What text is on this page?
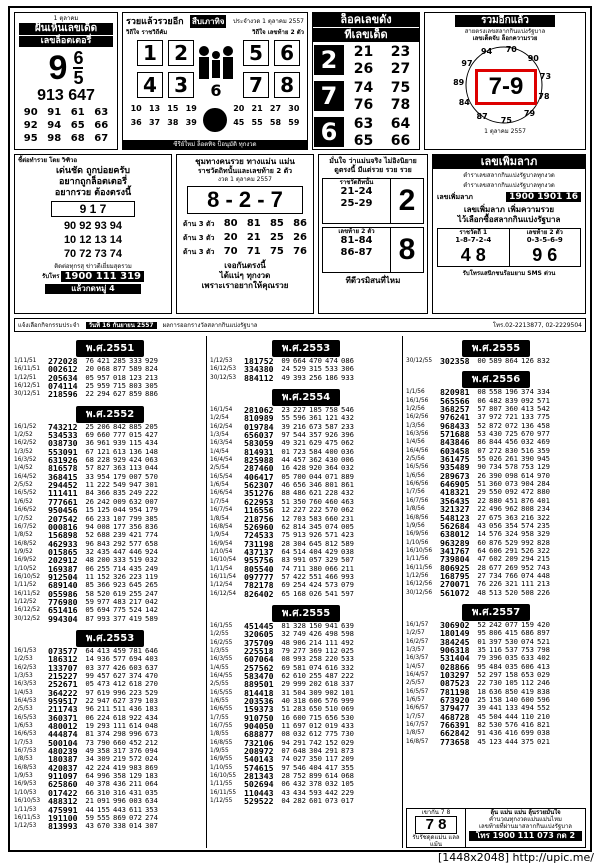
1 ตุลาคม
ฝันเห็นเลขเด็ด
เลขล็อตเตอรี่
9 6
5
913 647
90 91 61 63
92 94 65 66
95 98 68 67
รวยแล้วรวยอีก สืบเภาทิจ	ประจำงวด 1 ตุลาคม 2557
วิถีใจ ราชวิถีคัม	วิถีใจ เลขท้าย 2 ตัว
1 2
4 3	6
5 6
7 8
10 13 15 19
36 37 38 39
20 21 27 30
45 55 58 59
ซีรีย์ใหม่ ล็อตทิจ ป็อนุมัติ ทุกงวด
ล็อคเลขดัง
ทีเลขเด็ด
2	21	23
26	27
7	74	75
76	78
6	63	64
65	66
รวมอีกแล้ว
สายตรงเลขสลากกินแบ่งรัฐบาล
เลขเด็ดจับ ล็อกความรวย
70
90
73
78
79
75
87
84
89
97
94
7-9
1 ตุลาคม 2557
ชี้ต่อทำรวย โดย วิฑิวอ
เด่นชัด ถูกบ่อยครับ
อยากถูกล็อตเตอรี่
อยากรวย ต้องตรงนี้
9 1 7
90 92 93 94
10 12 13 14
70 72 73 74
ติดต่อทุกรสุ ข่าวดีเยี่ยมสุดรวม
รับโทร 1900 111 319
แล้วกดหมู่ 4
ชุมทางคนรวย ทางแม่น แม่น
ราชวัตถิทนั้นและเลขท้าย 2 ตัว
งวด 1 ตุลาคม 2557
8 - 2 - 7
ด้าน 3 ตัว 80 81 85 86
ด้าน 3 ตัว 20 21 25 26
ด้าน 3 ตัว 70 71 75 76
เจอกันตรงนี้
ได้แน่ๆ ทุกงวด
เพราะเราอยากให้คุณรวย
มั่นใจ ว่าแม่นจริง ไม่อิงนิยาย
ดูตรงนี้ มีแต่รวย รวย รวย
ราชวัตถิทนั้น
21-24
25-29 2
เลขท้าย 2 ตัว
81-84
86-87 8
ทีดีวรมิสนที่ไหม
เลขเพิ่มลาภ
ตำราเลขสลากกินแบ่งรัฐบาลทุกงวด
ตำราเลขสลากกินแบ่งรัฐบาลทุกงวด
เลขเพิ่มลาภ	1900 1901 16
เลขเพิ่มลาภ เพิ่มความรวย
ไว้เลือกซื้อสลากกินแบ่งรัฐบาล
ราชวัตถี 1
1-8-7-2-4
4 8
เลขท้าย 2 ตัว
0-3-5-6-9
9 6
รับโทรแสนิกชนร้อมยาม SMS ด่วน
แจ้งเลือกกิจกรรมประจำ	วันที่ 16 กันยายน 2557	ผลการออกรางวัลสลากกินแบ่งรัฐบาล	โทร.02-2213877, 02-2229504
พ.ศ.2551
1/11/51	272028	76 421 285 333 929
16/11/51 002612	20 068 877 589 824
1/12/51	205634	05 957 018 123 213
16/12/51 074114	25 959 715 803 305
30/12/51 218596	22 294 627 859 886
พ.ศ.2552
16/1/52	743212	25 206 842 885 205
1/2/52	534533	69 660 777 015 427
16/2/52	038730	36 961 939 115 434
1/3/52	553091	67 121 613 136 148
16/3/52	631926	68 228 929 424 063
1/4/52	816578	57 827 363 113 044
16/4/52	368415	33 954 179 007 570
2/5/52	294452	11 222 549 947 301
16/5/52	111411	84 366 835 249 222
1/6/52	777661	26 242 009 632 007
16/6/52	950456	15 125 044 954 179
1/7/52	207542	66 233 107 799 385
16/7/52	000816	94 008 177 356 836
1/8/52	156898	52 688 239 421 774
16/8/52	462933	96 843 292 577 658
1/9/52	015865	32 435 447 446 924
16/9/52	202912	48 200 333 519 032
1/10/52	169387	06 255 714 435 249
16/10/52 912504	11 152 326 223 119
1/11/52	689140	85 366 923 645 265
16/11/52 055986	58 520 619 255 247
1/12/52	776980	59 977 483 217 042
16/12/52 651416	05 694 775 524 142
30/12/52 994304	87 993 377 419 589
พ.ศ.2553
16/1/53	073577	64 413 459 781 646
1/2/53	186312	14 936 577 694 403
16/2/53	133707	03 377 426 603 637
1/3/53	215227	99 457 627 374 470
16/3/53	252671	05 473 412 618 270
1/4/53	364222	97 619 996 223 529
16/4/53	959517	22 947 627 379 103
2/5/53	211743	96 211 511 436 183
16/5/53	360371	06 224 618 922 434
1/6/53	480012	19 293 111 614 048
16/6/53	444874	81 374 298 996 673
1/7/53	500104	73 790 660 452 212
16/7/53	480239	49 358 317 376 094
1/8/53	180387	34 309 219 572 024
16/8/53	420837	42 224 419 983 869
1/9/53	911097	64 996 358 129 183
16/9/53	625860	40 378 436 211 064
1/10/53	017422	66 310 316 431 035
16/10/53 488312	21 091 996 003 634
1/11/53	475991	44 155 443 611 353
16/11/53 191100	59 555 869 072 274
1/12/53	813993	43 670 338 014 307
พ.ศ.2553
1/12/53	181752	09 664 470 474 086
16/12/53 334380	24 529 315 533 306
30/12/53 884112	49 393 256 186 933
พ.ศ.2554
16/1/54	281062	23 227 185 758 546
1/2/54	810989	55 596 361 121 432
16/2/54	019784	39 216 673 587 233
1/3/54	656037	97 544 357 926 396
16/3/54	583059	49 321 629 475 062
1/4/54	814931	01 723 584 400 036
16/4/54	825988	44 457 362 430 006
2/5/54	287460	16 428 920 364 032
16/5/54	406417	05 700 044 071 889
1/6/54	562307	46 656 346 801 861
16/6/54	351276	88 486 621 228 432
1/7/54	622953	51 350 760 460 463
16/7/54	116556	12 227 222 570 062
1/8/54	218756	12 703 583 660 231
16/8/54	526960	62 814 345 074 005
1/9/54	724533	75 913 926 571 423
16/9/54	731198	28 304 645 812 589
1/10/54	437137	64 514 404 429 038
16/10/54 955756	83 991 057 329 507
1/11/54	805540	74 711 380 066 211
16/11/54 097777	57 422 551 466 993
1/12/54	782178	69 254 424 573 079
16/12/54 826402	65 168 026 541 597
พ.ศ.2555
16/1/55	451445	81 328 150 941 639
1/2/55	320605	32 749 426 498 598
16/2/55	375709	48 906 214 111 492
1/3/55	225518	79 277 369 112 025
16/3/55	607064	08 993 258 220 533
1/4/55	257562	69 581 074 616 332
16/4/55	583470	62 610 255 487 222
2/5/55	889501	29 999 202 618 337
16/5/55	814418	31 504 309 902 101
1/6/55	203536	40 318 606 576 999
16/6/55	159373	51 283 650 510 069
1/7/55	910750	16 600 715 656 530
16/7/55	904050	11 697 012 019 433
1/8/55	688877	08 032 612 775 730
16/8/55	732106	94 291 742 152 029
1/9/55	208972	07 648 304 291 873
16/9/55	540143	74 027 350 117 209
1/10/55	574615	97 546 404 417 355
16/10/55 281343	28 752 899 614 068
1/11/55	502694	06 432 378 032 105
16/11/55 110443	43 434 593 442 229
1/12/55	529522	04 282 601 073 017
พ.ศ.2555
30/12/55 302358	00 589 864 126 832
พ.ศ.2556
1/1/56	820981	08 558 196 374 334
16/1/56	565566	06 482 839 092 571
1/2/56	368257	57 807 360 413 542
16/2/56	976241	37 972 721 133 775
1/3/56	968433	52 872 072 136 458
16/3/56	571688	53 430 725 670 977
1/4/56	843846	86 844 456 032 469
16/4/56	603458	07 272 830 516 359
2/5/56	361475	55 026 261 390 945
16/5/56	935489	90 734 578 753 129
1/6/56	289673	26 390 098 614 970
16/6/56	646905	51 360 073 904 284
1/7/56	418321	29 550 092 472 880
16/7/56	356435	22 880 451 876 401
1/8/56	321327	22 496 962 808 234
16/8/56	548123	27 675 363 216 322
1/9/56	562684	43 056 354 574 235
16/9/56	638012	14 576 324 958 329
1/10/56	963289	60 876 529 992 828
16/10/56 341767	64 606 291 526 322
1/11/56	739804	47 602 209 294 215
16/11/56 806925	28 677 269 952 743
1/12/56	168795	27 734 766 074 448
16/12/56 270071	76 226 321 111 213
30/12/56 561072	48 513 520 508 226
พ.ศ.2557
16/1/57	306902	52 242 077 159 420
1/2/57	180149	95 806 415 686 897
16/2/57	384245	01 397 530 074 521
1/3/57	906318	35 116 537 753 798
16/3/57	531404	79 396 035 633 402
1/4/57	028866	95 484 035 606 413
16/4/57	103297	52 297 158 653 029
2/5/57	087523	22 730 105 112 246
16/5/57	781198	18 636 850 419 838
1/6/57	673920	25 158 140 600 596
16/6/57	379477	39 441 133 494 552
1/7/57	468728	45 504 444 110 210
16/7/57	766391	82 530 576 416 821
1/8/57	662842	91 436 416 699 038
16/8/57	773658	45 123 444 375 021
เขากัน 7 8
7 8
รับรัชดุดแม่น แลลแม้น
ลุ้น แม่น แม่น ลุ้นรวยมั่นใจ
คำนวณทุกงวดแม่นแม่นไหม
เลขท้ายที่ผ่านมาสลากกินแบ่งรัฐบาล
โทร 1900 111 073 กด 2
[1448x2048] http://upic.me/
